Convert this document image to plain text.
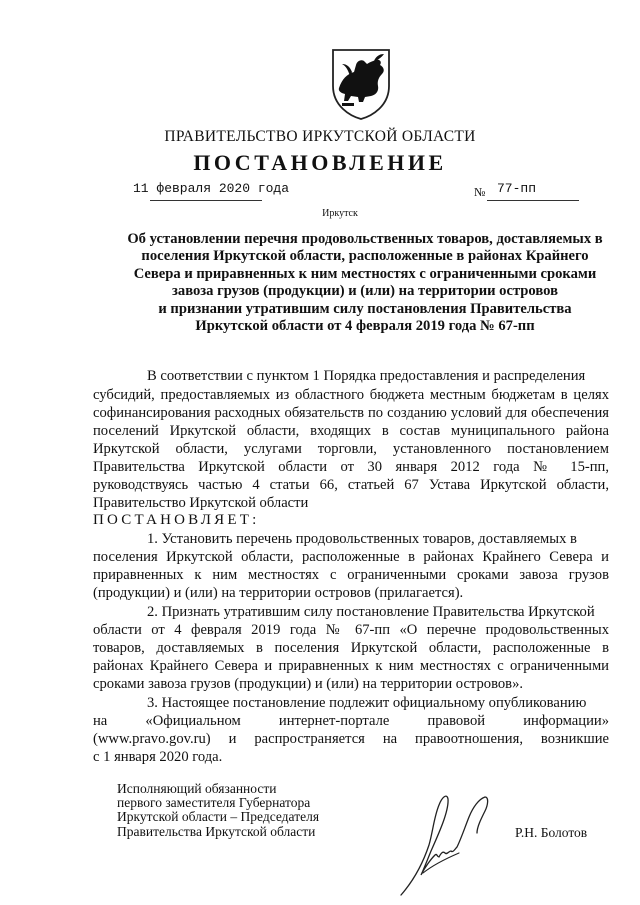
ПРАВИТЕЛЬСТВО ИРКУТСКОЙ ОБЛАСТИ
ПОСТАНОВЛЕНИЕ
11 февраля 2020 года	№ 77-пп
Иркутск
Об установлении перечня продовольственных товаров, доставляемых в
поселения Иркутской области, расположенные в районах Крайнего
Севера и приравненных к ним местностях с ограниченными сроками
завоза грузов (продукции) и (или) на территории островов
и признании утратившим силу постановления Правительства
Иркутской области от 4 февраля 2019 года № 67-пп
В соответствии с пунктом 1 Порядка предоставления и распределения
субсидий, предоставляемых из областного бюджета местным бюджетам в целях
софинансирования расходных обязательств по созданию условий для обеспечения
поселений Иркутской области, входящих в состав муниципального района
Иркутской области, услугами торговли, установленного постановлением
Правительства Иркутской области от 30 января 2012 года № 15-пп,
руководствуясь частью 4 статьи 66, статьей 67 Устава Иркутской области,
Правительство Иркутской области
ПОСТАНОВЛЯЕТ:
1. Установить перечень продовольственных товаров, доставляемых в
поселения Иркутской области, расположенные в районах Крайнего Севера и
приравненных к ним местностях с ограниченными сроками завоза грузов
(продукции) и (или) на территории островов (прилагается).
2. Признать утратившим силу постановление Правительства Иркутской
области от 4 февраля 2019 года № 67-пп «О перечне продовольственных
товаров, доставляемых в поселения Иркутской области, расположенные в
районах Крайнего Севера и приравненных к ним местностях с ограниченными
сроками завоза грузов (продукции) и (или) на территории островов».
3. Настоящее постановление подлежит официальному опубликованию
на «Официальном интернет-портале правовой информации»
(www.pravo.gov.ru) и распространяется на правоотношения, возникшие
с 1 января 2020 года.
Исполняющий обязанности
первого заместителя Губернатора
Иркутской области – Председателя
Правительства Иркутской области	Р.Н. Болотов
